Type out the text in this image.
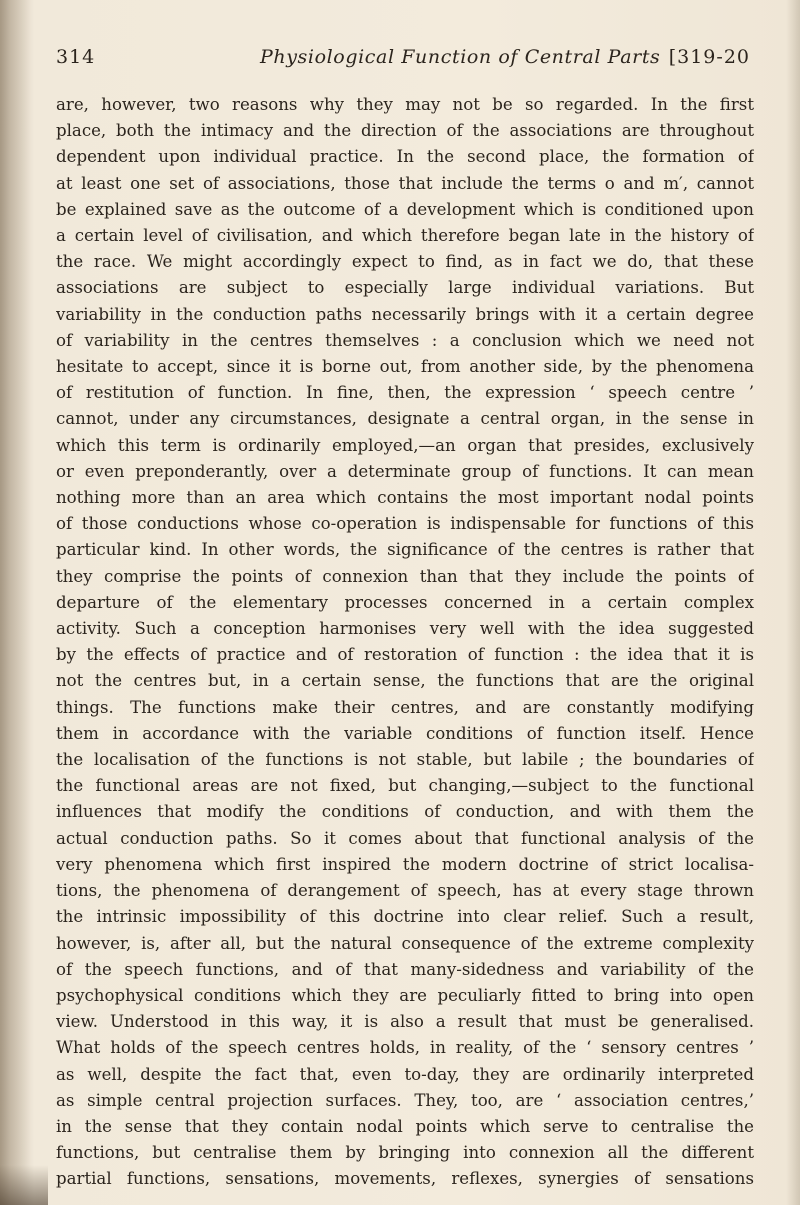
314	Physiological Function of Central Parts [319-20
are, however, two reasons why they may not be so regarded. In the first
place, both the intimacy and the direction of the associations are throughout
dependent upon individual practice. In the second place, the formation of
at least one set of associations, those that include the terms o and m′, cannot
be explained save as the outcome of a development which is conditioned upon
a certain level of civilisation, and which therefore began late in the history of
the race. We might accordingly expect to find, as in fact we do, that these
associations are subject to especially large individual variations. But
variability in the conduction paths necessarily brings with it a certain degree
of variability in the centres themselves : a conclusion which we need not
hesitate to accept, since it is borne out, from another side, by the phenomena
of restitution of function. In fine, then, the expression ‘ speech centre ’
cannot, under any circumstances, designate a central organ, in the sense in
which this term is ordinarily employed,—an organ that presides, exclusively
or even preponderantly, over a determinate group of functions. It can mean
nothing more than an area which contains the most important nodal points
of those conductions whose co-operation is indispensable for functions of this
particular kind. In other words, the significance of the centres is rather that
they comprise the points of connexion than that they include the points of
departure of the elementary processes concerned in a certain complex
activity. Such a conception harmonises very well with the idea suggested
by the effects of practice and of restoration of function : the idea that it is
not the centres but, in a certain sense, the functions that are the original
things. The functions make their centres, and are constantly modifying
them in accordance with the variable conditions of function itself. Hence
the localisation of the functions is not stable, but labile ; the boundaries of
the functional areas are not fixed, but changing,—subject to the functional
influences that modify the conditions of conduction, and with them the
actual conduction paths. So it comes about that functional analysis of the
very phenomena which first inspired the modern doctrine of strict localisa-
tions, the phenomena of derangement of speech, has at every stage thrown
the intrinsic impossibility of this doctrine into clear relief. Such a result,
however, is, after all, but the natural consequence of the extreme complexity
of the speech functions, and of that many-sidedness and variability of the
psychophysical conditions which they are peculiarly fitted to bring into open
view. Understood in this way, it is also a result that must be generalised.
What holds of the speech centres holds, in reality, of the ‘ sensory centres ’
as well, despite the fact that, even to-day, they are ordinarily interpreted
as simple central projection surfaces. They, too, are ‘ association centres,’
in the sense that they contain nodal points which serve to centralise the
functions, but centralise them by bringing into connexion all the different
partial functions, sensations, movements, reflexes, synergies of sensations
